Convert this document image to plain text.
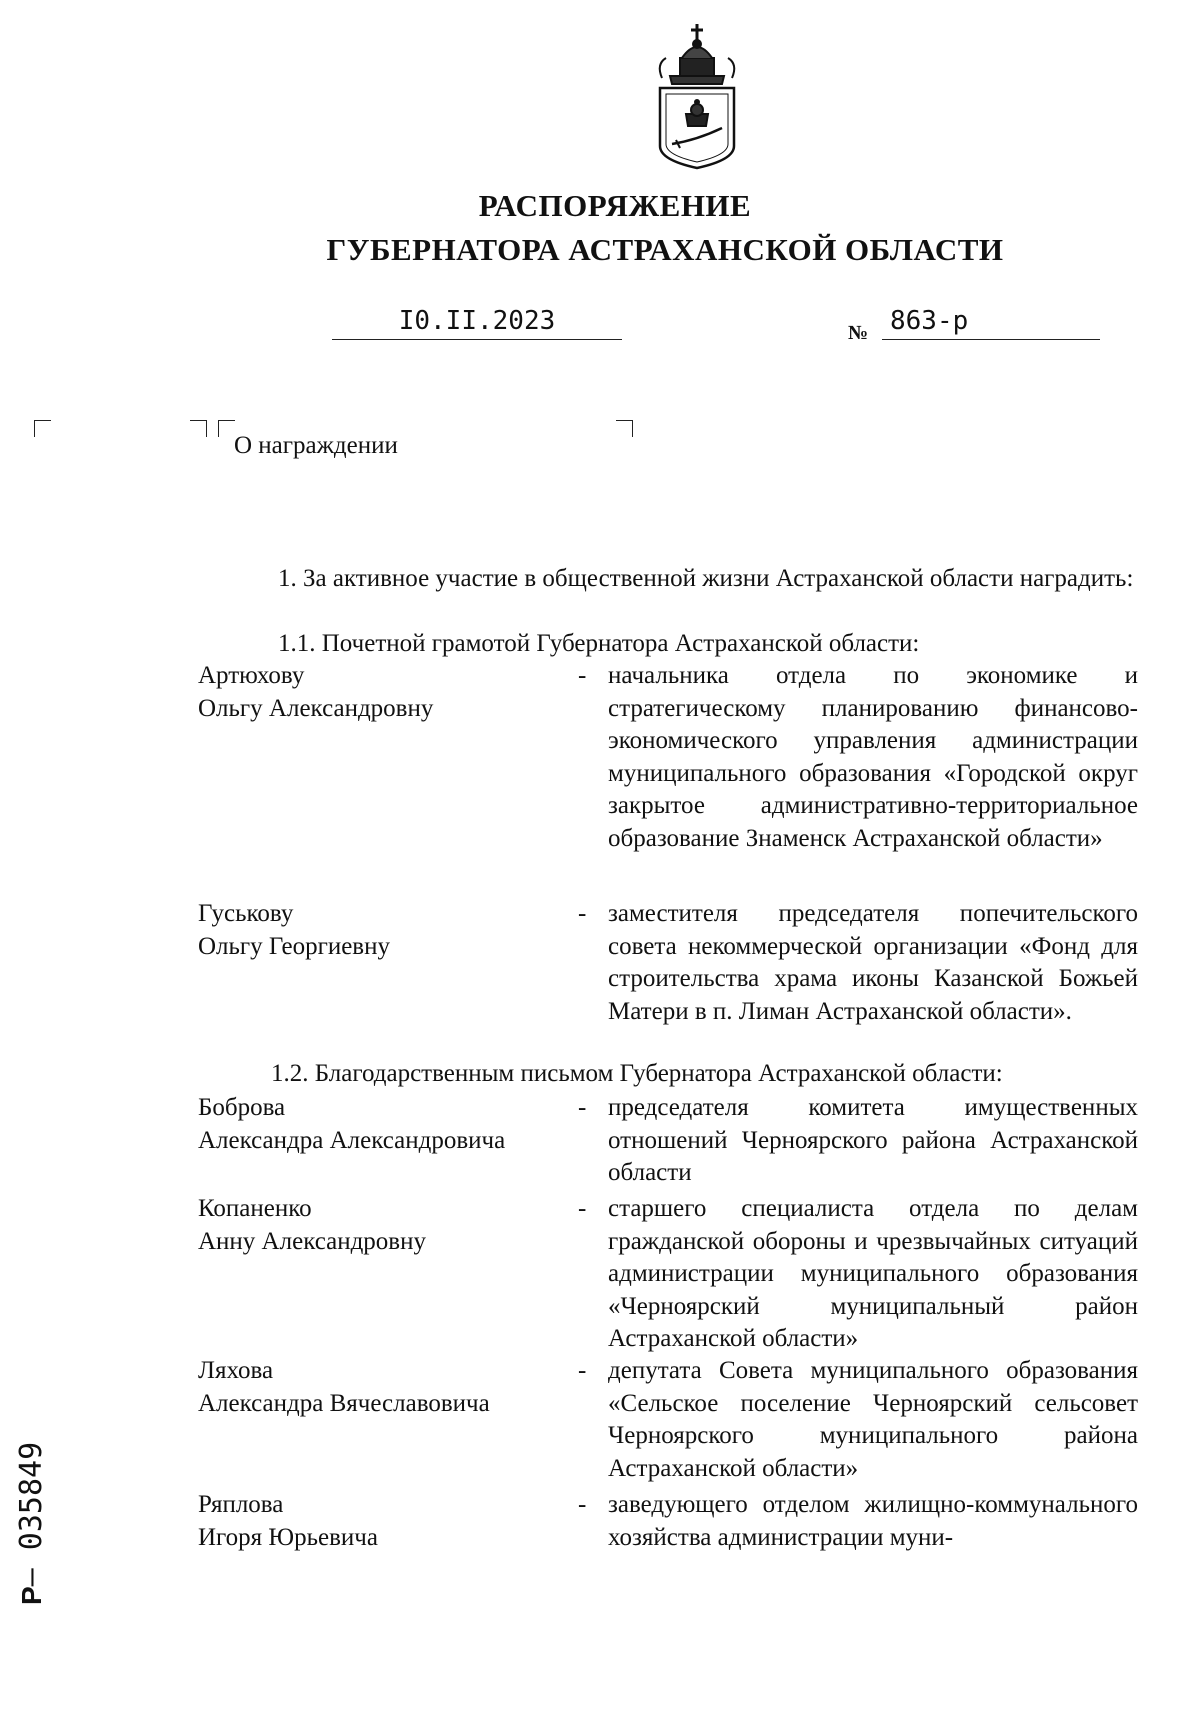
РАСПОРЯЖЕНИЕ
ГУБЕРНАТОРА АСТРАХАНСКОЙ ОБЛАСТИ
I0.II.2023	№ 863-р
О награждении
1. За активное участие в общественной жизни Астраханской области наградить:
1.1. Почетной грамотой Губернатора Астраханской области:
Артюхову
Ольгу Александровну
- начальника отдела по экономике и стратегическому планированию финансово-экономического управления администрации муниципального образования «Городской округ закрытое административно-территориальное образование Знаменск Астраханской области»
Гуськову
Ольгу Георгиевну
- заместителя председателя попечительского совета некоммерческой организации «Фонд для строительства храма иконы Казанской Божьей Матери в п. Лиман Астраханской области».
1.2. Благодарственным письмом Губернатора Астраханской области:
Боброва
Александра Александровича
- председателя комитета имущественных отношений Черноярского района Астраханской области
Копаненко
Анну Александровну
- старшего специалиста отдела по делам гражданской обороны и чрезвычайных ситуаций администрации муниципального образования «Черноярский муниципальный район Астраханской области»
Ляхова
Александра Вячеславовича
- депутата Совета муниципального образования «Сельское поселение Черноярский сельсовет Черноярского муниципального района Астраханской области»
Ряплова
Игоря Юрьевича
- заведующего отделом жилищно-коммунального хозяйства администрации муни-
Р– 035849
